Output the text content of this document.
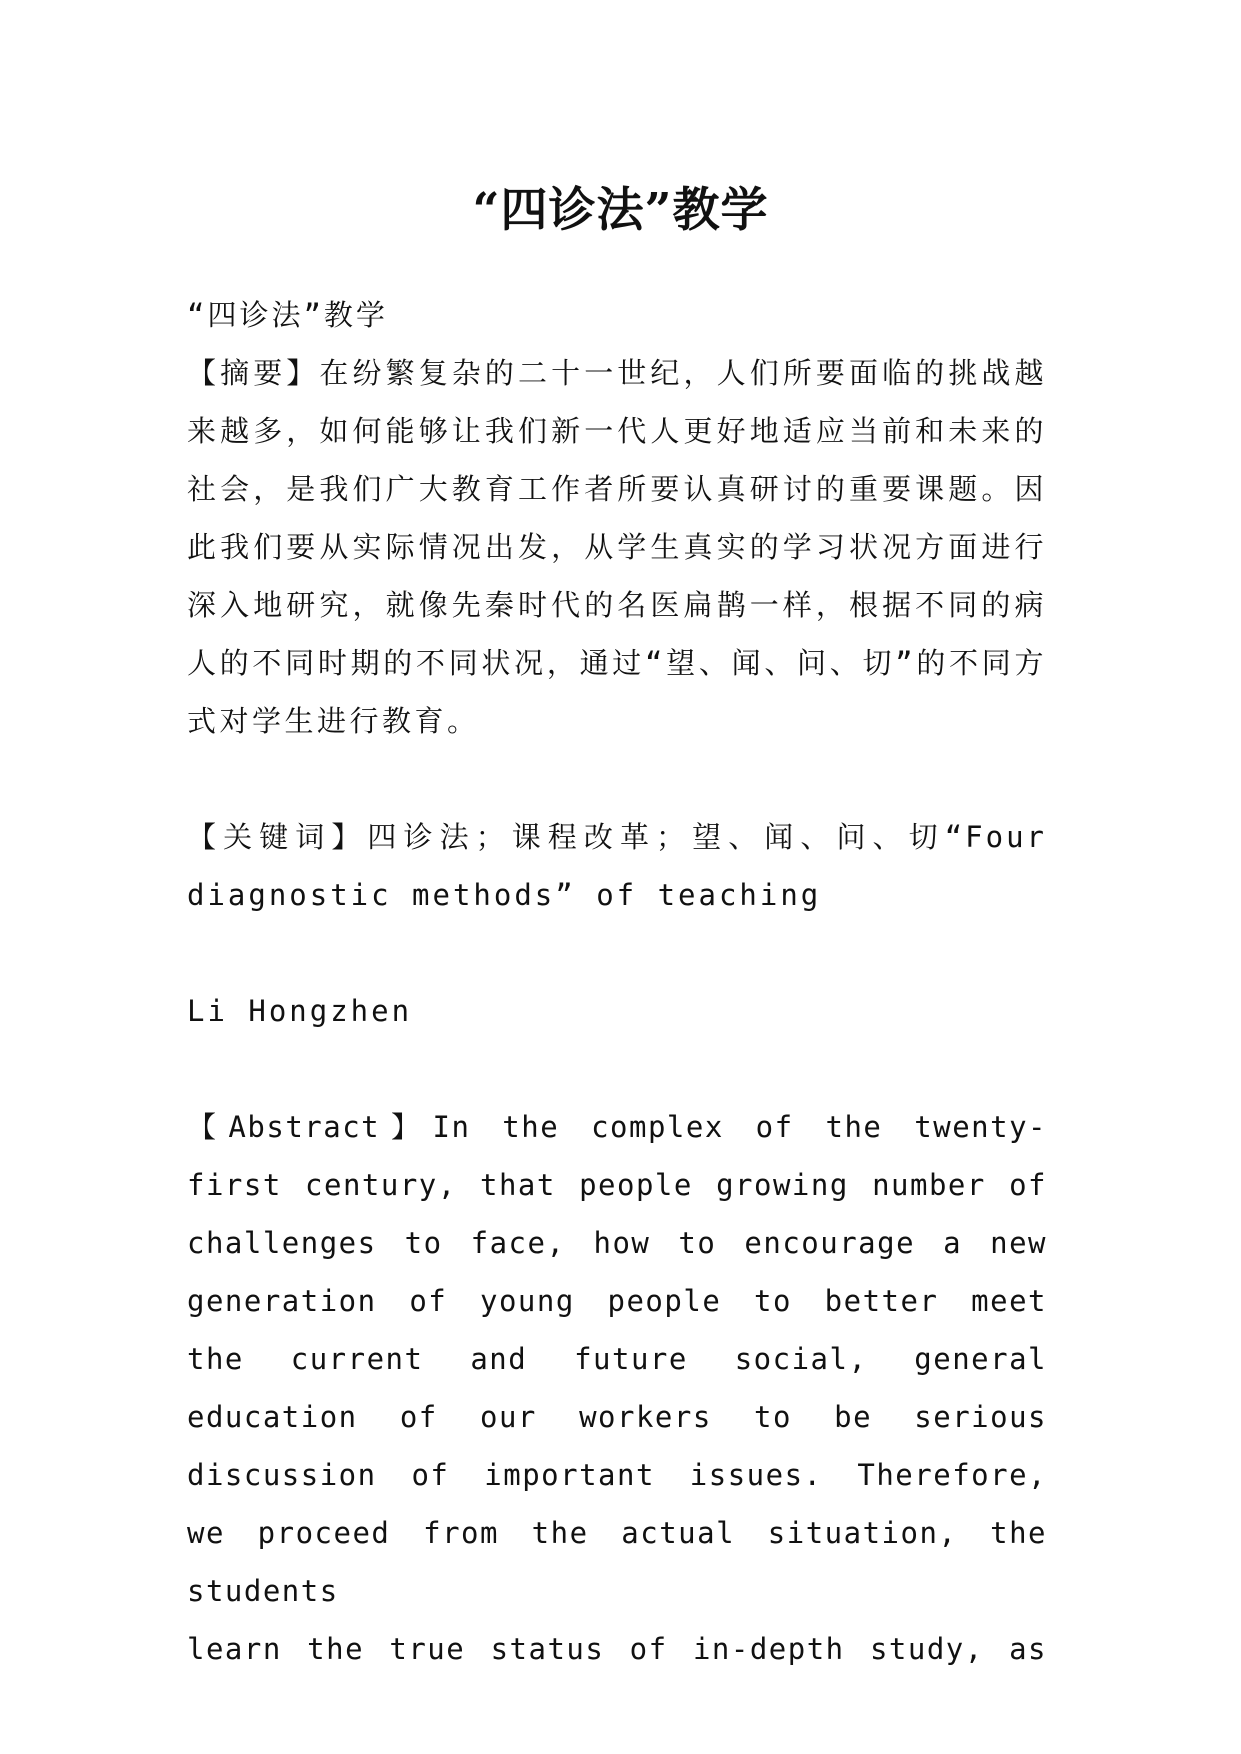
“四诊法”教学

“四诊法”教学

【摘要】在纷繁复杂的二十一世纪，人们所要面临的挑战越来越多，如何能够让我们新一代人更好地适应当前和未来的社会，是我们广大教育工作者所要认真研讨的重要课题。因此我们要从实际情况出发，从学生真实的学习状况方面进行深入地研究，就像先秦时代的名医扁鹊一样，根据不同的病人的不同时期的不同状况，通过“望、闻、问、切”的不同方式对学生进行教育。

【关键词】四诊法；课程改革；望、闻、问、切“Four diagnostic methods” of teaching

Li Hongzhen

【Abstract】In the complex of the twenty-first century, that people growing number of challenges to face, how to encourage a new generation of young people to better meet the current and future social, general education of our workers to be serious discussion of important issues. Therefore, we proceed from the actual situation, the students
learn the true status of in-depth study, as
